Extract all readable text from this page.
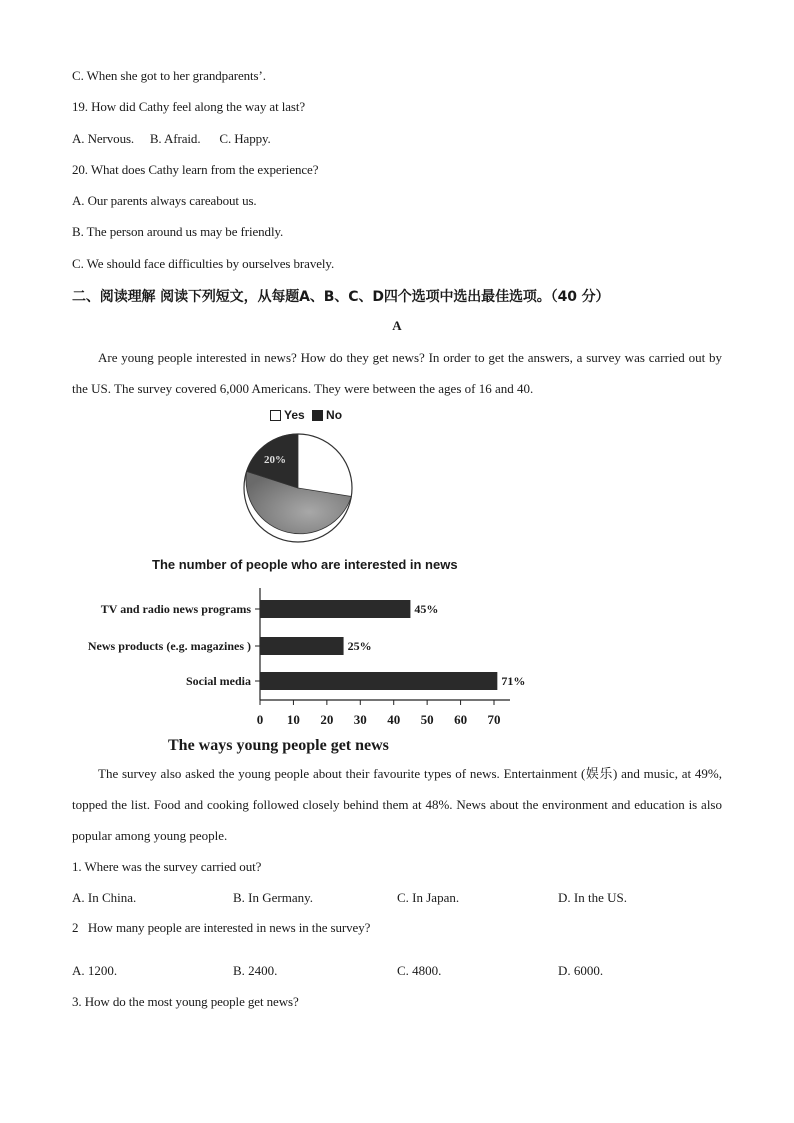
C. When she got to her grandparents’.
19. How did Cathy feel along the way at last?
A. Nervous.     B. Afraid.      C. Happy.
20. What does Cathy learn from the experience?
A. Our parents always careabout us.
B. The person around us may be friendly.
C. We should face difficulties by ourselves bravely.
二、阅读理解 阅读下列短文，从每题A、B、C、D四个选项中选出最佳选项。（40 分）
A
Are young people interested in news? How do they get news? In order to get the answers, a survey was carried out by the US. The survey covered 6,000 Americans. They were between the ages of 16 and 40.
Yes No
20%
The number of people who are interested in news
TV and radio news programs	45%
News products (e.g. magazines )	25%
Social media	71%
0 10 20 30 40 50 60 70
The ways young people get news
The survey also asked the young people about their favourite types of news. Entertainment (娱乐) and music, at 49%, topped the list. Food and cooking followed closely behind them at 48%. News about the environment and education is also popular among young people.
1. Where was the survey carried out?
A. In China.	B. In Germany.	C. In Japan.	D. In the US.
2   How many people are interested in news in the survey?
A. 1200.	B. 2400.	C. 4800.	D. 6000.
3. How do the most young people get news?
